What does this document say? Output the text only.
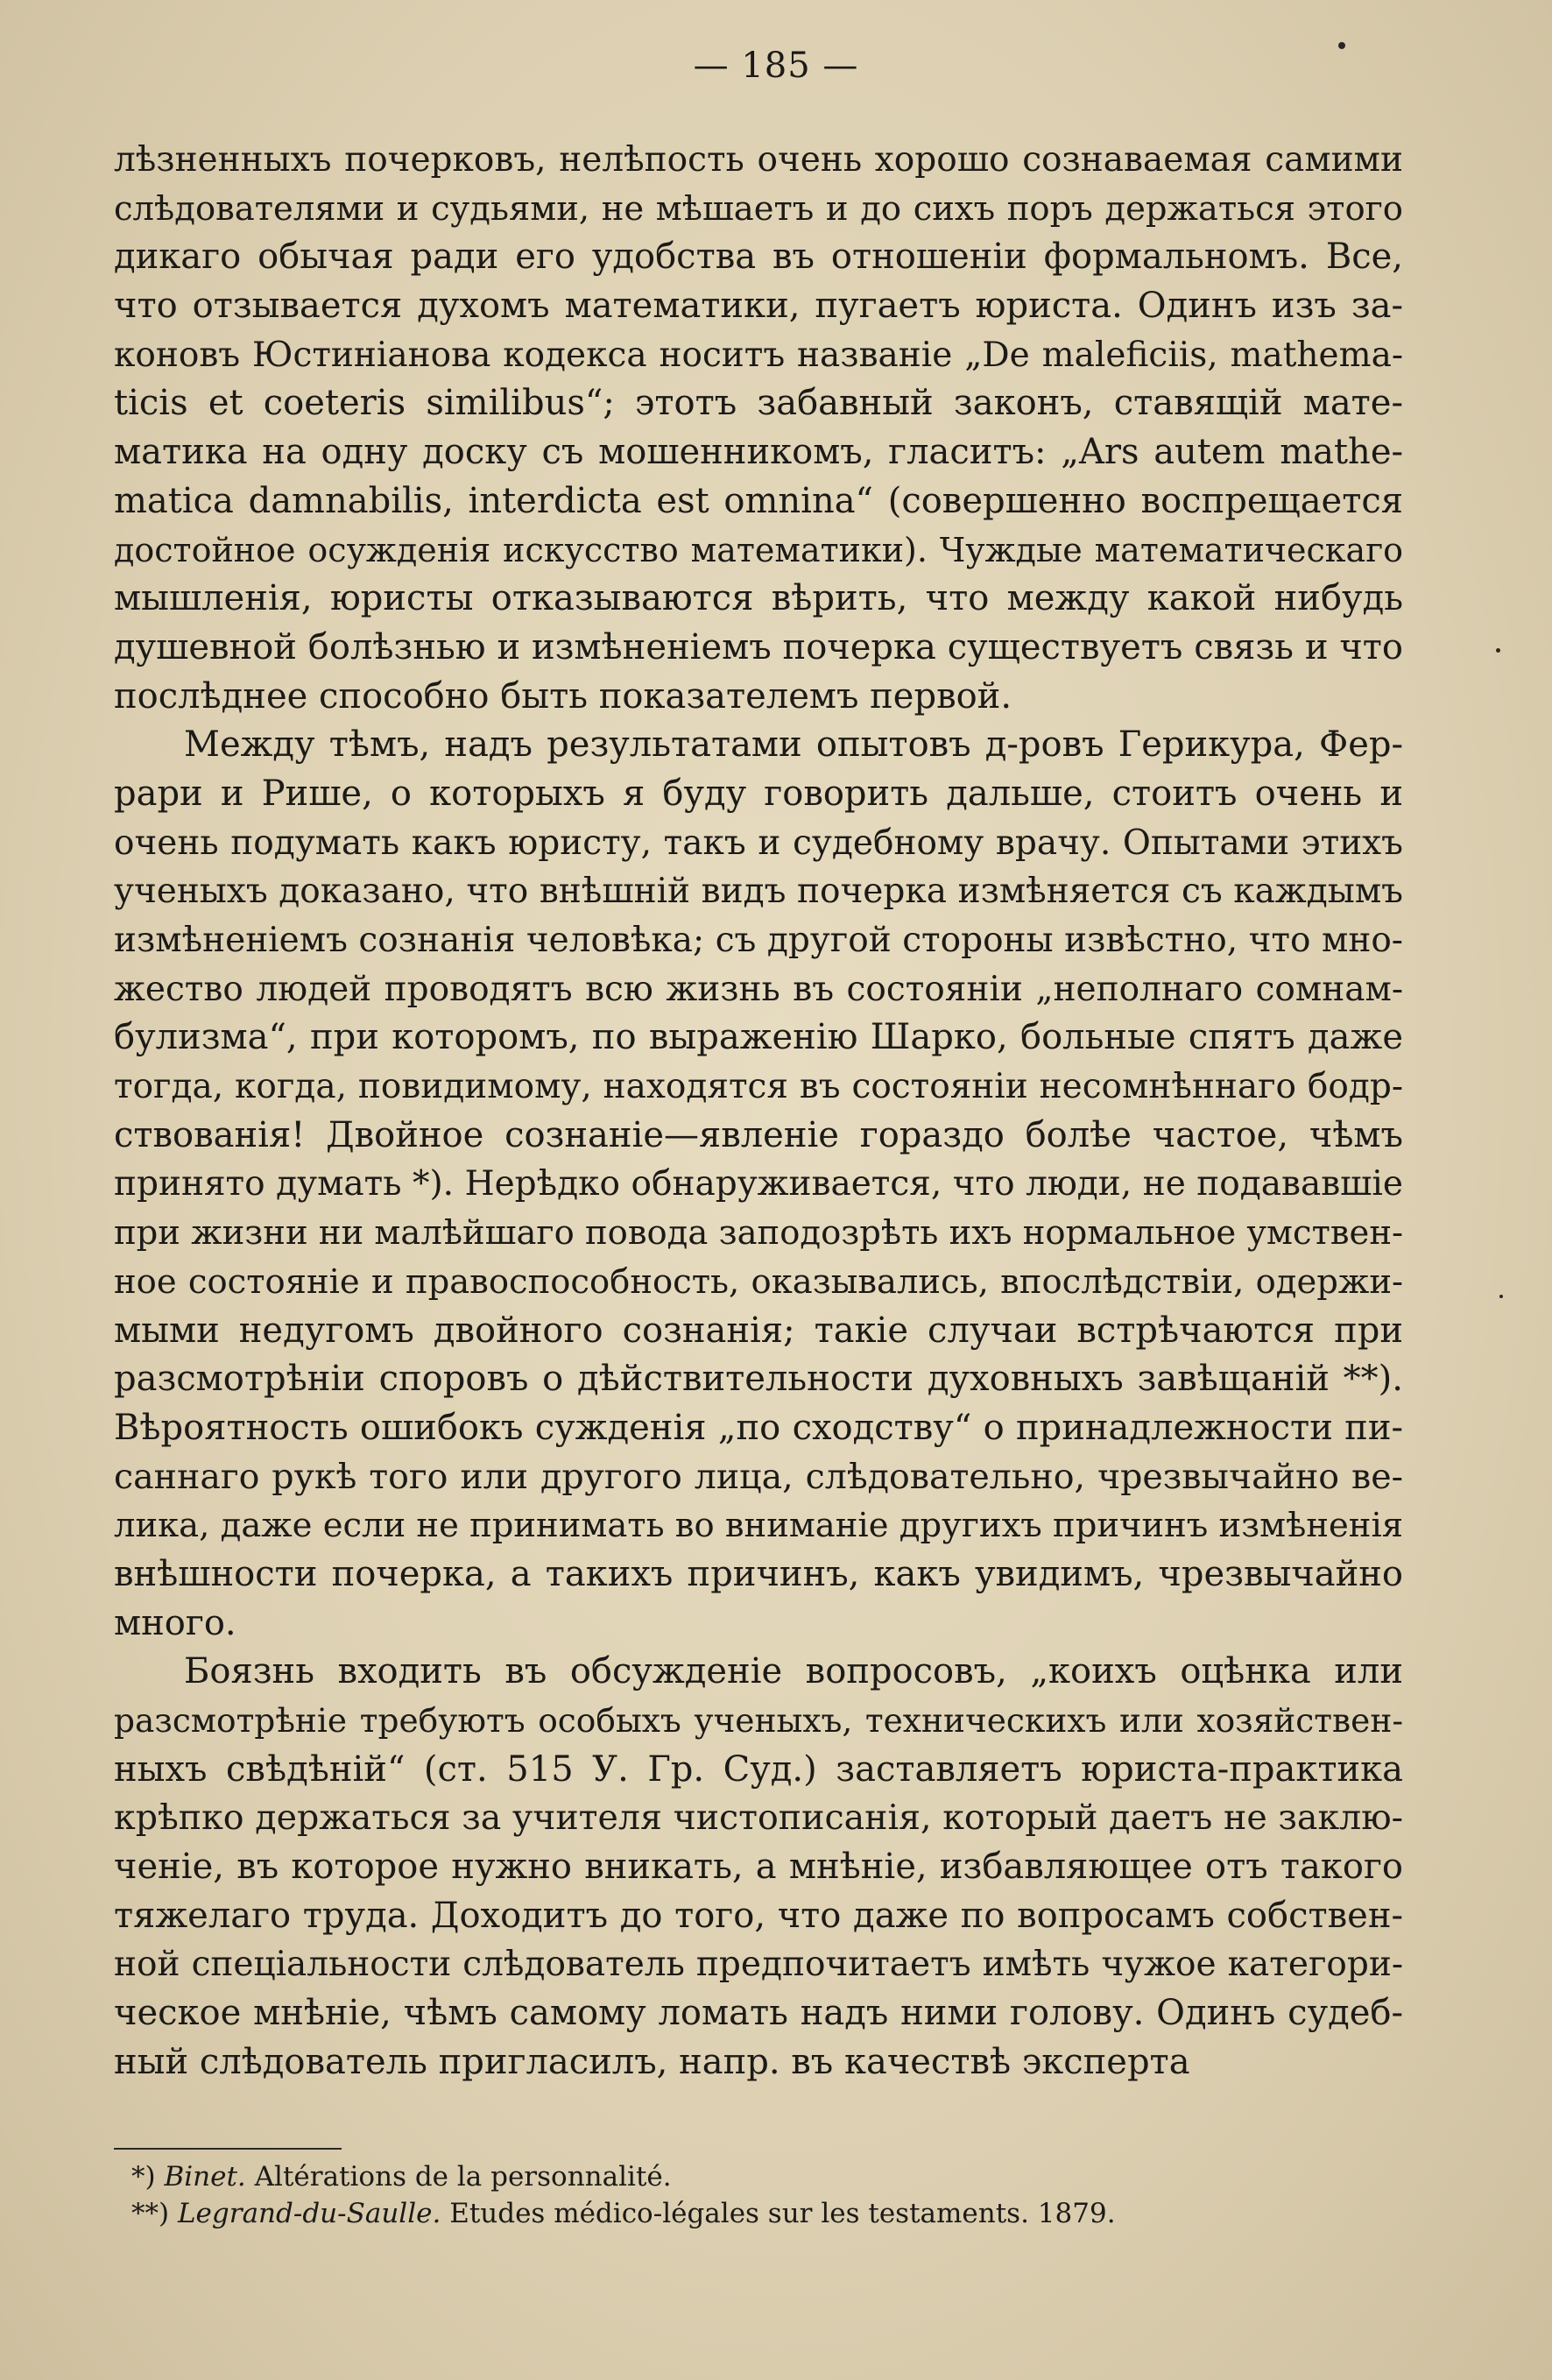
— 185 —
лѣзненныхъ почерковъ, нелѣпость очень хорошо сознаваемая самими
слѣдователями и судьями, не мѣшаетъ и до сихъ поръ держаться этого
дикаго обычая ради его удобства въ отношеніи формальномъ. Все,
что отзывается духомъ математики, пугаетъ юриста. Одинъ изъ за-
коновъ Юстиніанова кодекса носитъ названіе „De maleficiis, mathema-
ticis et coeteris similibus“; этотъ забавный законъ, ставящій мате-
матика на одну доску съ мошенникомъ, гласитъ: „Ars autem mathe-
matica damnabilis, interdicta est omnina“ (совершенно воспрещается
достойное осужденія искусство математики). Чуждые математическаго
мышленія, юристы отказываются вѣрить, что между какой нибудь
душевной болѣзнью и измѣненіемъ почерка существуетъ связь и что
послѣднее способно быть показателемъ первой.
Между тѣмъ, надъ результатами опытовъ д-ровъ Герикура, Фер-
рари и Рише, о которыхъ я буду говорить дальше, стоитъ очень и
очень подумать какъ юристу, такъ и судебному врачу. Опытами этихъ
ученыхъ доказано, что внѣшній видъ почерка измѣняется съ каждымъ
измѣненіемъ сознанія человѣка; съ другой стороны извѣстно, что мно-
жество людей проводятъ всю жизнь въ состояніи „неполнаго сомнам-
булизма“, при которомъ, по выраженію Шарко, больные спятъ даже
тогда, когда, повидимому, находятся въ состояніи несомнѣннаго бодр-
ствованія! Двойное сознаніе—явленіе гораздо болѣе частое, чѣмъ
принято думать *). Нерѣдко обнаруживается, что люди, не подававшіе
при жизни ни малѣйшаго повода заподозрѣть ихъ нормальное умствен-
ное состояніе и правоспособность, оказывались, впослѣдствіи, одержи-
мыми недугомъ двойного сознанія; такіе случаи встрѣчаются при
разсмотрѣніи споровъ о дѣйствительности духовныхъ завѣщаній **).
Вѣроятность ошибокъ сужденія „по сходству“ о принадлежности пи-
саннаго рукѣ того или другого лица, слѣдовательно, чрезвычайно ве-
лика, даже если не принимать во вниманіе другихъ причинъ измѣненія
внѣшности почерка, а такихъ причинъ, какъ увидимъ, чрезвычайно
много.
Боязнь входить въ обсужденіе вопросовъ, „коихъ оцѣнка или
разсмотрѣніе требуютъ особыхъ ученыхъ, техническихъ или хозяйствен-
ныхъ свѣдѣній“ (ст. 515 У. Гр. Суд.) заставляетъ юриста-практика
крѣпко держаться за учителя чистописанія, который даетъ не заклю-
ченіе, въ которое нужно вникать, а мнѣніе, избавляющее отъ такого
тяжелаго труда. Доходитъ до того, что даже по вопросамъ собствен-
ной спеціальности слѣдователь предпочитаетъ имѣть чужое категори-
ческое мнѣніе, чѣмъ самому ломать надъ ними голову. Одинъ судеб-
ный слѣдователь пригласилъ, напр. въ качествѣ эксперта
*) Binet. Altérations de la personnalité.
**) Legrand-du-Saulle. Etudes médico-légales sur les testaments. 1879.
